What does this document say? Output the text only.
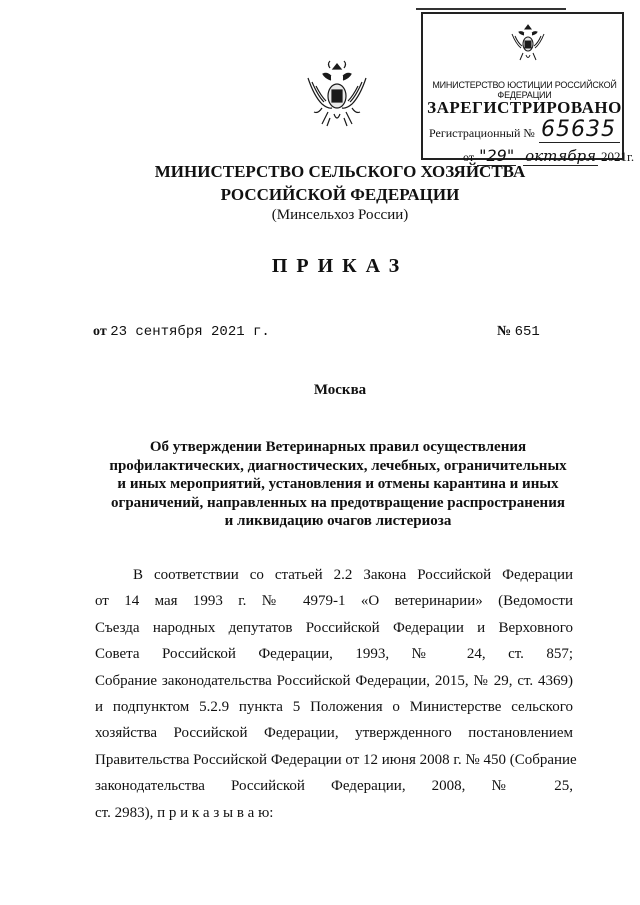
МИНИСТЕРСТВО ЮСТИЦИИ РОССИЙСКОЙ ФЕДЕРАЦИИ
ЗАРЕГИСТРИРОВАНО
Регистрационный № 65635
от "29" октября 2021г.
МИНИСТЕРСТВО СЕЛЬСКОГО ХОЗЯЙСТВА
РОССИЙСКОЙ ФЕДЕРАЦИИ
(Минсельхоз России)
ПРИКАЗ
от 23 сентября 2021 г.	№ 651
Москва
Об утверждении Ветеринарных правил осуществления
профилактических, диагностических, лечебных, ограничительных
и иных мероприятий, установления и отмены карантина и иных
ограничений, направленных на предотвращение распространения
и ликвидацию очагов листериоза
В соответствии со статьей 2.2 Закона Российской Федерации
от 14 мая 1993 г. № 4979-1 «О ветеринарии» (Ведомости
Съезда народных депутатов Российской Федерации и Верховного
Совета Российской Федерации, 1993, № 24, ст. 857;
Собрание законодательства Российской Федерации, 2015, № 29, ст. 4369)
и подпунктом 5.2.9 пункта 5 Положения о Министерстве сельского
хозяйства Российской Федерации, утвержденного постановлением
Правительства Российской Федерации от 12 июня 2008 г. № 450 (Собрание
законодательства Российской Федерации, 2008, № 25,
ст. 2983), п р и к а з ы в а ю:
